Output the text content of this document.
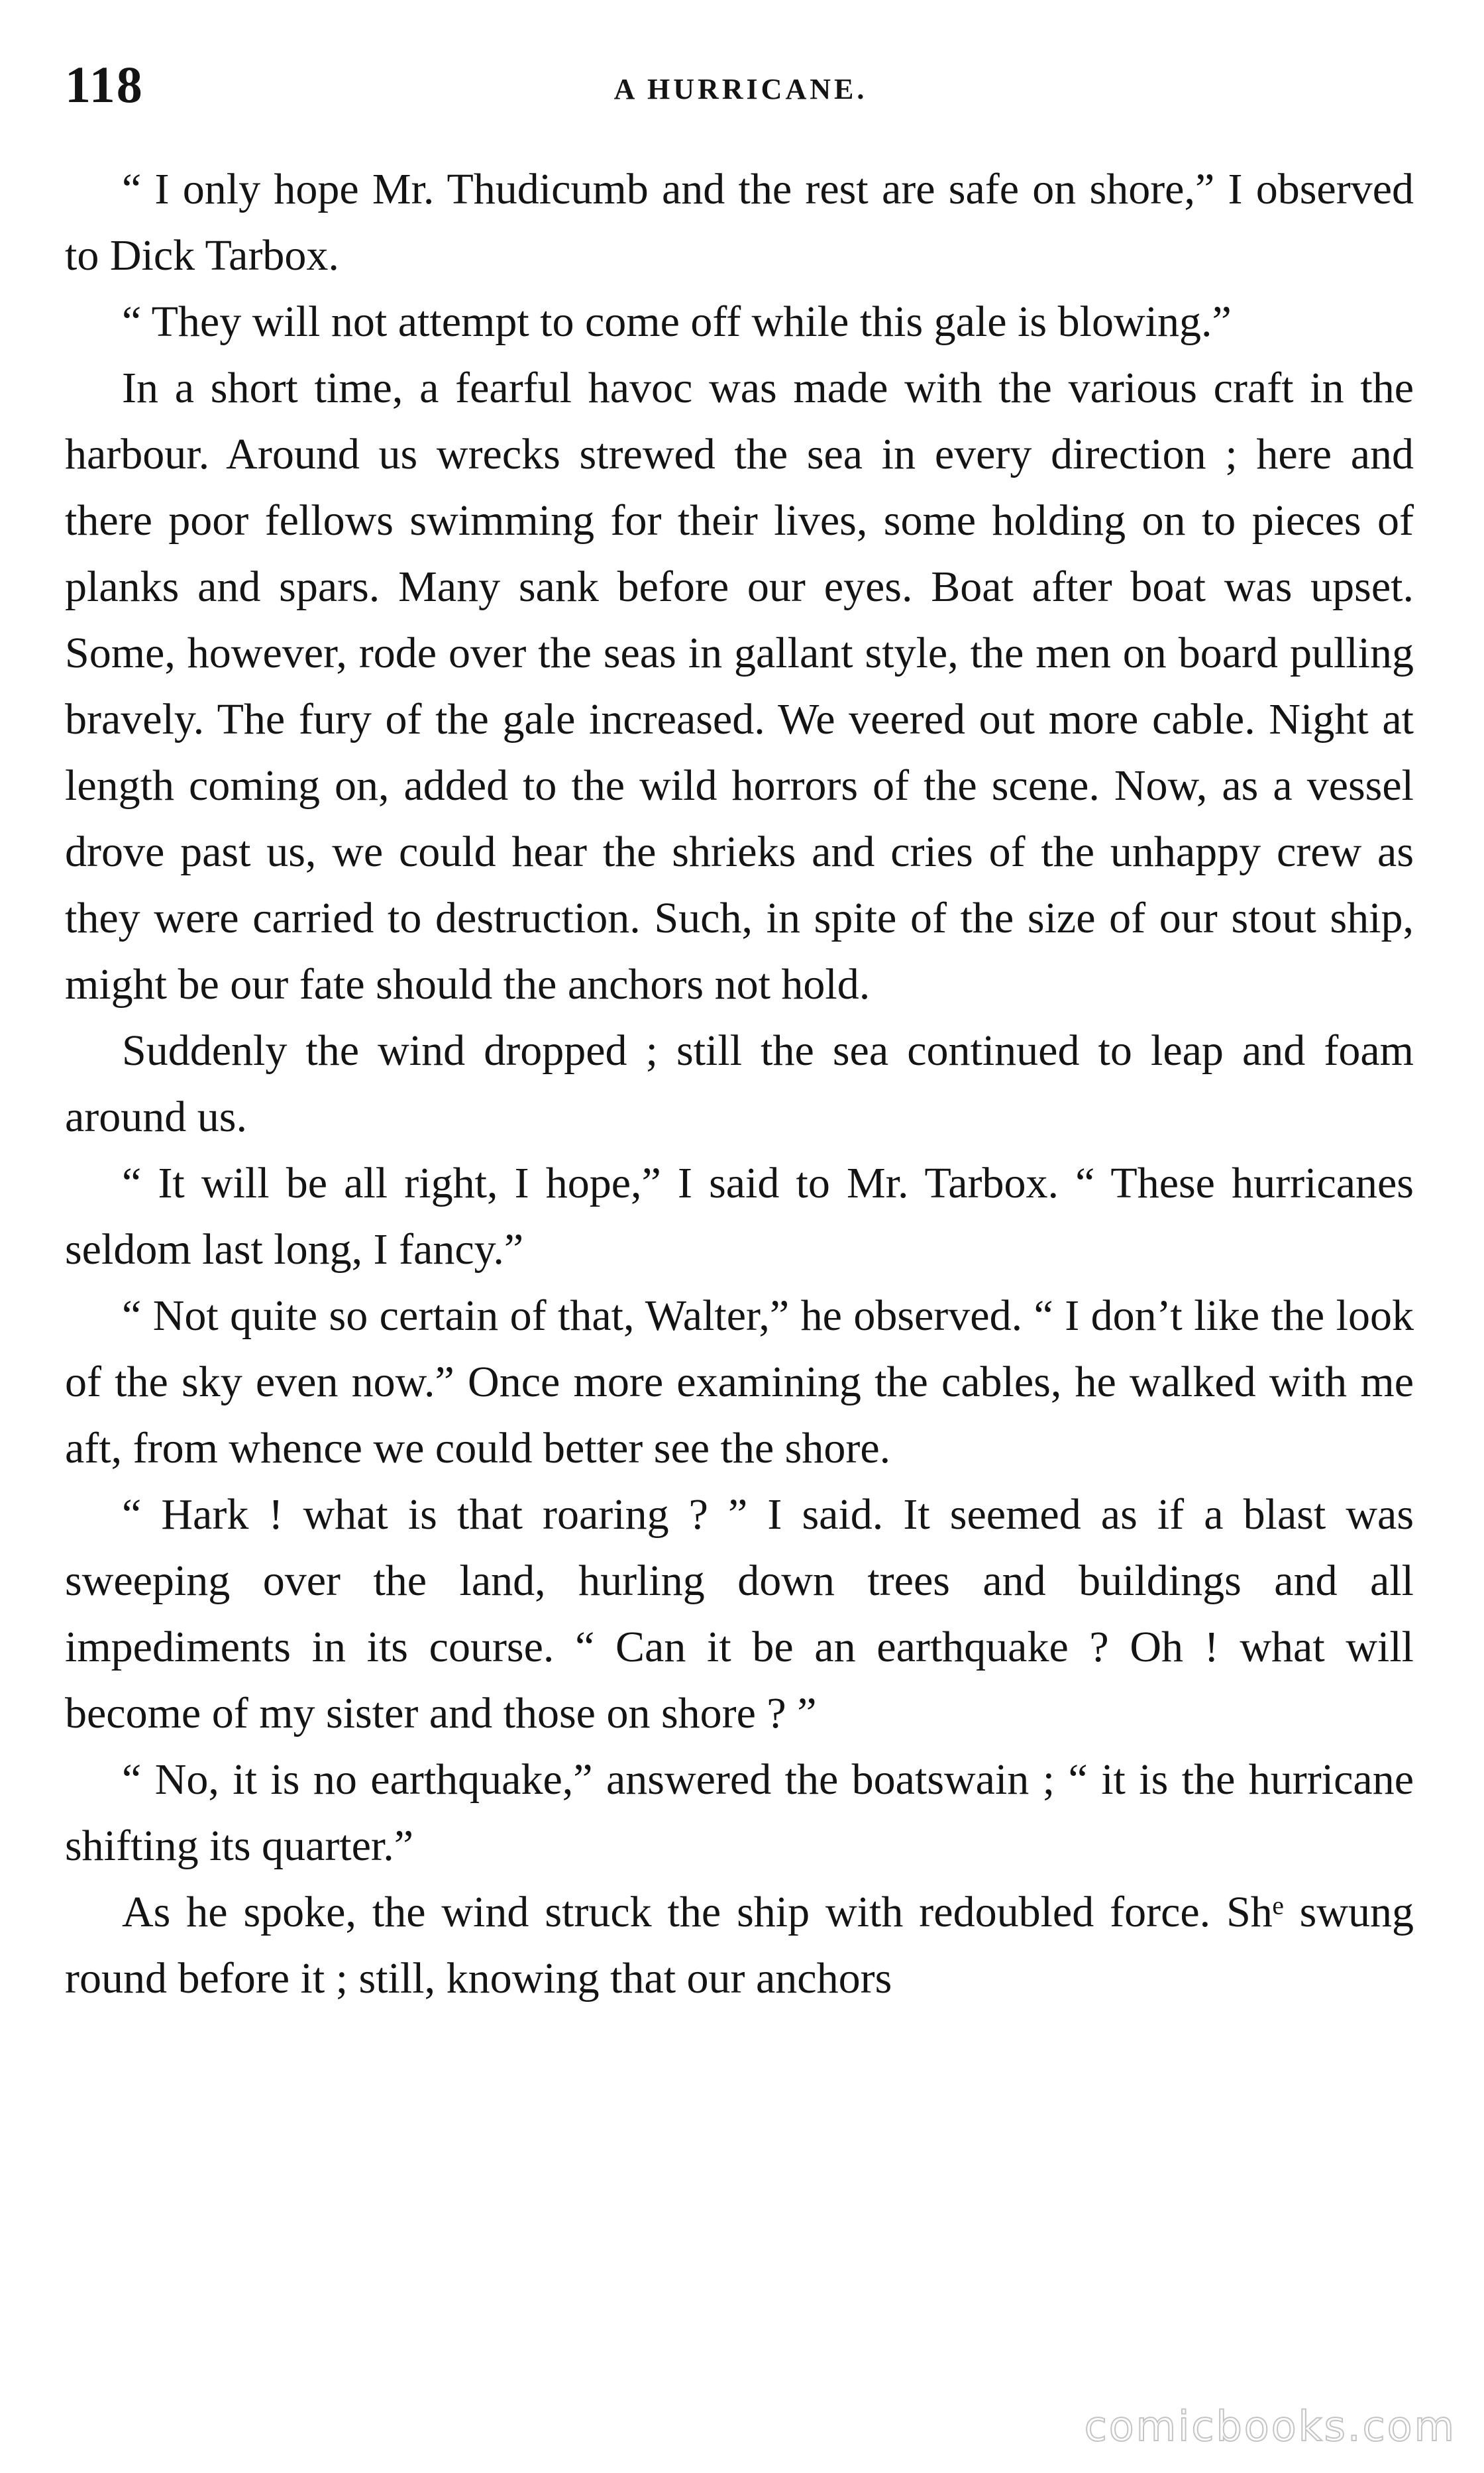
118	A HURRICANE.

“ I only hope Mr. Thudicumb and the rest are safe on shore,” I observed to Dick Tarbox.

“ They will not attempt to come off while this gale is blowing.”

In a short time, a fearful havoc was made with the various craft in the harbour. Around us wrecks strewed the sea in every direction ; here and there poor fellows swimming for their lives, some holding on to pieces of planks and spars. Many sank before our eyes. Boat after boat was upset. Some, however, rode over the seas in gallant style, the men on board pulling bravely. The fury of the gale increased. We veered out more cable. Night at length coming on, added to the wild horrors of the scene. Now, as a vessel drove past us, we could hear the shrieks and cries of the unhappy crew as they were carried to destruction. Such, in spite of the size of our stout ship, might be our fate should the anchors not hold.

Suddenly the wind dropped ; still the sea continued to leap and foam around us.

“ It will be all right, I hope,” I said to Mr. Tarbox. “ These hurricanes seldom last long, I fancy.”

“ Not quite so certain of that, Walter,” he observed. “ I don’t like the look of the sky even now.” Once more examining the cables, he walked with me aft, from whence we could better see the shore.

“ Hark ! what is that roaring ? ” I said. It seemed as if a blast was sweeping over the land, hurling down trees and buildings and all impediments in its course. “ Can it be an earthquake ? Oh ! what will become of my sister and those on shore ? ”

“ No, it is no earthquake,” answered the boatswain ; “ it is the hurricane shifting its quarter.”

As he spoke, the wind struck the ship with redoubled force. Shᵉ swung round before it ; still, knowing that our anchors

comicbooks.com
